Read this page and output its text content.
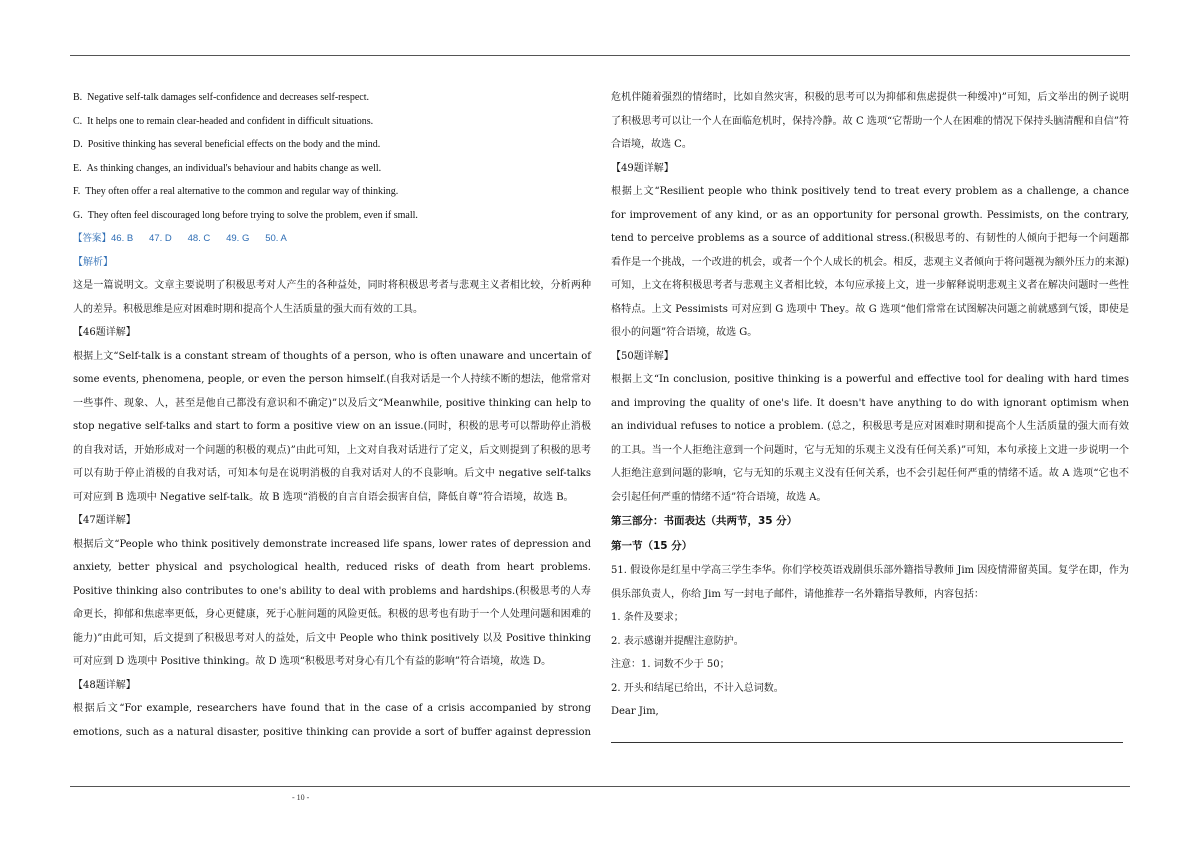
B.  Negative self-talk damages self-confidence and decreases self-respect.

C.  It helps one to remain clear-headed and confident in difficult situations.

D.  Positive thinking has several beneficial effects on the body and the mind.

E.  As thinking changes, an individual's behaviour and habits change as well.

F.  They often offer a real alternative to the common and regular way of thinking.

G.  They often feel discouraged long before trying to solve the problem, even if small.

【答案】46. B      47. D      48. C      49. G      50. A

【解析】

这是一篇说明文。文章主要说明了积极思考对人产生的各种益处，同时将积极思考者与悲观主义者相比较，分析两种人的差异。积极思维是应对困难时期和提高个人生活质量的强大而有效的工具。

【46题详解】

根据上文“Self-talk is a constant stream of thoughts of a person, who is often unaware and uncertain of some events, phenomena, people, or even the person himself.(自我对话是一个人持续不断的想法，他常常对一些事件、现象、人，甚至是他自己都没有意识和不确定)”以及后文“Meanwhile, positive thinking can help to stop negative self-talks and start to form a positive view on an issue.(同时，积极的思考可以帮助停止消极的自我对话，开始形成对一个问题的积极的观点)”由此可知，上文对自我对话进行了定义，后文则提到了积极的思考可以有助于停止消极的自我对话，可知本句是在说明消极的自我对话对人的不良影响。后文中 negative self-talks 可对应到 B 选项中 Negative self-talk。故 B 选项“消极的自言自语会损害自信，降低自尊”符合语境，故选 B。

【47题详解】

根据后文“People who think positively demonstrate increased life spans, lower rates of depression and anxiety, better physical and psychological health, reduced risks of death from heart problems. Positive thinking also contributes to one's ability to deal with problems and hardships.(积极思考的人寿命更长，抑郁和焦虑率更低，身心更健康，死于心脏问题的风险更低。积极的思考也有助于一个人处理问题和困难的能力)”由此可知，后文提到了积极思考对人的益处，后文中 People who think positively 以及 Positive thinking 可对应到 D 选项中 Positive thinking。故 D 选项“积极思考对身心有几个有益的影响”符合语境，故选 D。

【48题详解】

根据后文“For example, researchers have found that in the case of a crisis accompanied by strong emotions, such as a natural disaster, positive thinking can provide a sort of buffer against depression

危机伴随着强烈的情绪时，比如自然灾害，积极的思考可以为抑郁和焦虑提供一种缓冲)”可知，后文举出的例子说明了积极思考可以让一个人在面临危机时，保持冷静。故 C 选项“它帮助一个人在困难的情况下保持头脑清醒和自信”符合语境，故选 C。

【49题详解】

根据上文“Resilient people who think positively tend to treat every problem as a challenge, a chance for improvement of any kind, or as an opportunity for personal growth. Pessimists, on the contrary, tend to perceive problems as a source of additional stress.(积极思考的、有韧性的人倾向于把每一个问题都看作是一个挑战，一个改进的机会，或者一个个人成长的机会。相反，悲观主义者倾向于将问题视为额外压力的来源)可知，上文在将积极思考者与悲观主义者相比较，本句应承接上文，进一步解释说明悲观主义者在解决问题时一些性格特点。上文 Pessimists 可对应到 G 选项中 They。故 G 选项“他们常常在试图解决问题之前就感到气馁，即使是很小的问题”符合语境，故选 G。

【50题详解】

根据上文“In conclusion, positive thinking is a powerful and effective tool for dealing with hard times and improving the quality of one's life. It doesn't have anything to do with ignorant optimism when an individual refuses to notice a problem. (总之，积极思考是应对困难时期和提高个人生活质量的强大而有效的工具。当一个人拒绝注意到一个问题时，它与无知的乐观主义没有任何关系)”可知，本句承接上文进一步说明一个人拒绝注意到问题的影响，它与无知的乐观主义没有任何关系，也不会引起任何严重的情绪不适。故 A 选项“它也不会引起任何严重的情绪不适”符合语境，故选 A。

第三部分：书面表达（共两节，35 分）

第一节（15 分）

51. 假设你是红星中学高三学生李华。你们学校英语戏剧俱乐部外籍指导教师 Jim 因疫情滞留英国。复学在即，作为俱乐部负责人，你给 Jim 写一封电子邮件，请他推荐一名外籍指导教师，内容包括：

1. 条件及要求；

2. 表示感谢并提醒注意防护。

注意：1. 词数不少于 50；

2. 开头和结尾已给出，不计入总词数。

Dear Jim,

- 10 -
